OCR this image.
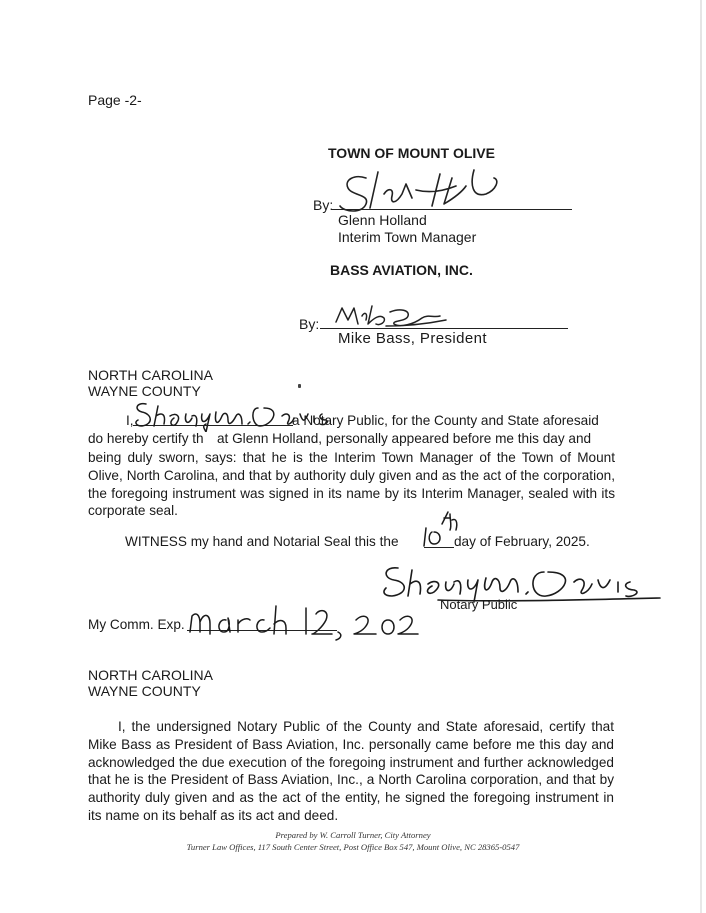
Page -2-
TOWN OF MOUNT OLIVE
By:
Glenn Holland
Interim Town Manager
BASS AVIATION, INC.
By:
Mike Bass, President
NORTH CAROLINA
WAYNE COUNTY
I,	a Notary Public, for the County and State aforesaid
do hereby certify th at Glenn Holland, personally appeared before me this day and
being duly sworn, says: that he is the Interim Town Manager of the Town of Mount Olive, North Carolina, and that by authority duly given and as the act of the corporation, the foregoing instrument was signed in its name by its Interim Manager, sealed with its corporate seal.
WITNESS my hand and Notarial Seal this the	day of February, 2025.
Notary Public
My Comm. Exp.
NORTH CAROLINA
WAYNE COUNTY
I, the undersigned Notary Public of the County and State aforesaid, certify that Mike Bass as President of Bass Aviation, Inc. personally came before me this day and acknowledged the due execution of the foregoing instrument and further acknowledged that he is the President of Bass Aviation, Inc., a North Carolina corporation, and that by authority duly given and as the act of the entity, he signed the foregoing instrument in its name on its behalf as its act and deed.
Prepared by W. Carroll Turner, City Attorney
Turner Law Offices, 117 South Center Street, Post Office Box 547, Mount Olive, NC 28365-0547
